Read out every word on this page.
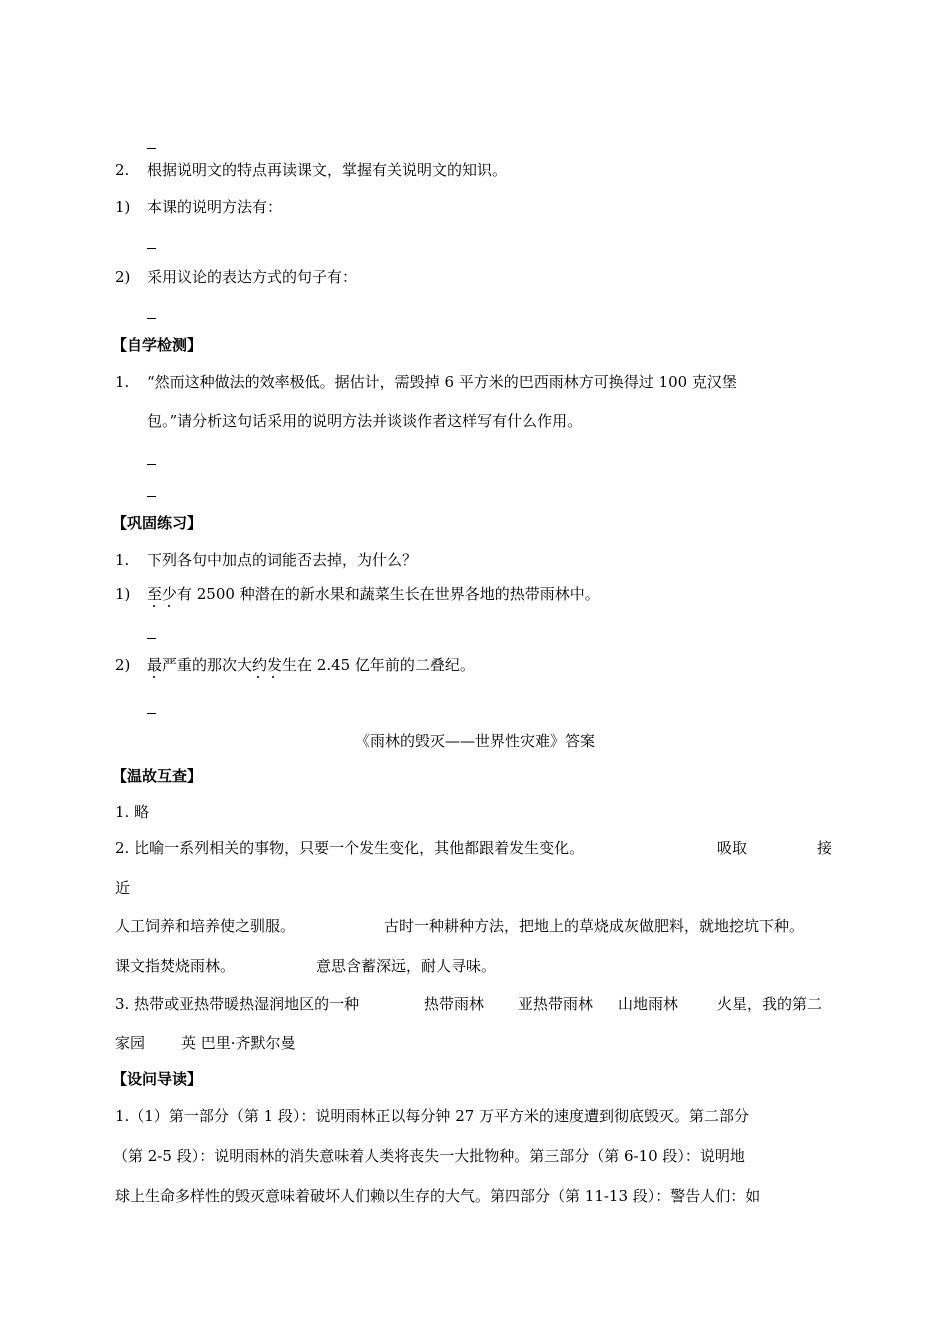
2. 根据说明文的特点再读课文，掌握有关说明文的知识。
1) 本课的说明方法有：
2) 采用议论的表达方式的句子有：
【自学检测】
1. “然而这种做法的效率极低。据估计，需毁掉 6 平方米的巴西雨林方可换得过 100 克汉堡
包。”请分析这句话采用的说明方法并谈谈作者这样写有什么作用。
【巩固练习】
1. 下列各句中加点的词能否去掉，为什么？
1) 至少有 2500 种潜在的新水果和蔬菜生长在世界各地的热带雨林中。
2) 最严重的那次大约发生在 2.45 亿年前的二叠纪。
《雨林的毁灭——世界性灾难》答案
【温故互查】
1. 略
2. 比喻一系列相关的事物，只要一个发生变化，其他都跟着发生变化。	吸取	接
近
人工饲养和培养使之驯服。	古时一种耕种方法，把地上的草烧成灰做肥料，就地挖坑下种。
课文指焚烧雨林。	意思含蓄深远，耐人寻味。
3. 热带或亚热带暖热湿润地区的一种	热带雨林 亚热带雨林 山地雨林	火星，我的第二
家园 英 巴里·齐默尔曼
【设问导读】
1.（1）第一部分（第 1 段）：说明雨林正以每分钟 27 万平方米的速度遭到彻底毁灭。第二部分
（第 2-5 段）：说明雨林的消失意味着人类将丧失一大批物种。第三部分（第 6-10 段）：说明地
球上生命多样性的毁灭意味着破坏人们赖以生存的大气。第四部分（第 11-13 段）：警告人们：如
